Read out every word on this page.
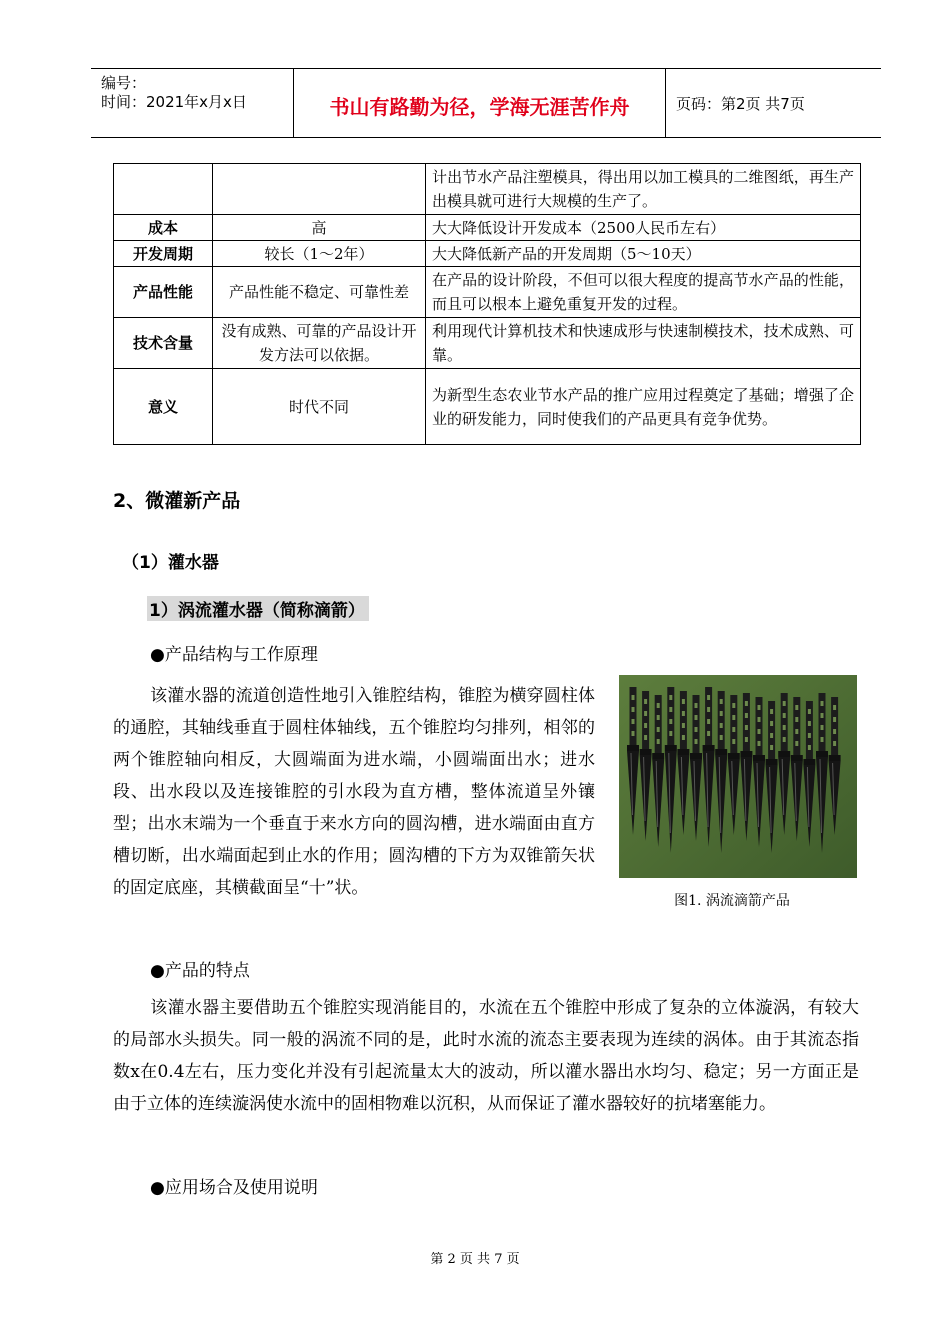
编号：
时间：2021年x月x日	书山有路勤为径，学海无涯苦作舟	页码：第2页 共7页
		计出节水产品注塑模具，得出用以加工模具的二维图纸，再生产出模具就可进行大规模的生产了。
成本	高	大大降低设计开发成本（2500人民币左右）
开发周期	较长（1～2年）	大大降低新产品的开发周期（5～10天）
产品性能	产品性能不稳定、可靠性差	在产品的设计阶段，不但可以很大程度的提高节水产品的性能，而且可以根本上避免重复开发的过程。
技术含量	没有成熟、可靠的产品设计开发方法可以依据。	利用现代计算机技术和快速成形与快速制模技术，技术成熟、可靠。
意义	时代不同	为新型生态农业节水产品的推广应用过程奠定了基础；增强了企业的研发能力，同时使我们的产品更具有竞争优势。
2、微灌新产品
（1）灌水器
1）涡流灌水器（简称滴箭）
●产品结构与工作原理
该灌水器的流道创造性地引入锥腔结构，锥腔为横穿圆柱体的通腔，其轴线垂直于圆柱体轴线，五个锥腔均匀排列，相邻的两个锥腔轴向相反，大圆端面为进水端，小圆端面出水；进水段、出水段以及连接锥腔的引水段为直方槽，整体流道呈外镶型；出水末端为一个垂直于来水方向的圆沟槽，进水端面由直方槽切断，出水端面起到止水的作用；圆沟槽的下方为双锥箭矢状的固定底座，其横截面呈“十”状。
图1. 涡流滴箭产品
●产品的特点
该灌水器主要借助五个锥腔实现消能目的，水流在五个锥腔中形成了复杂的立体漩涡，有较大的局部水头损失。同一般的涡流不同的是，此时水流的流态主要表现为连续的涡体。由于其流态指数x在0.4左右，压力变化并没有引起流量太大的波动，所以灌水器出水均匀、稳定；另一方面正是由于立体的连续漩涡使水流中的固相物难以沉积，从而保证了灌水器较好的抗堵塞能力。
●应用场合及使用说明
第 2 页 共 7 页
